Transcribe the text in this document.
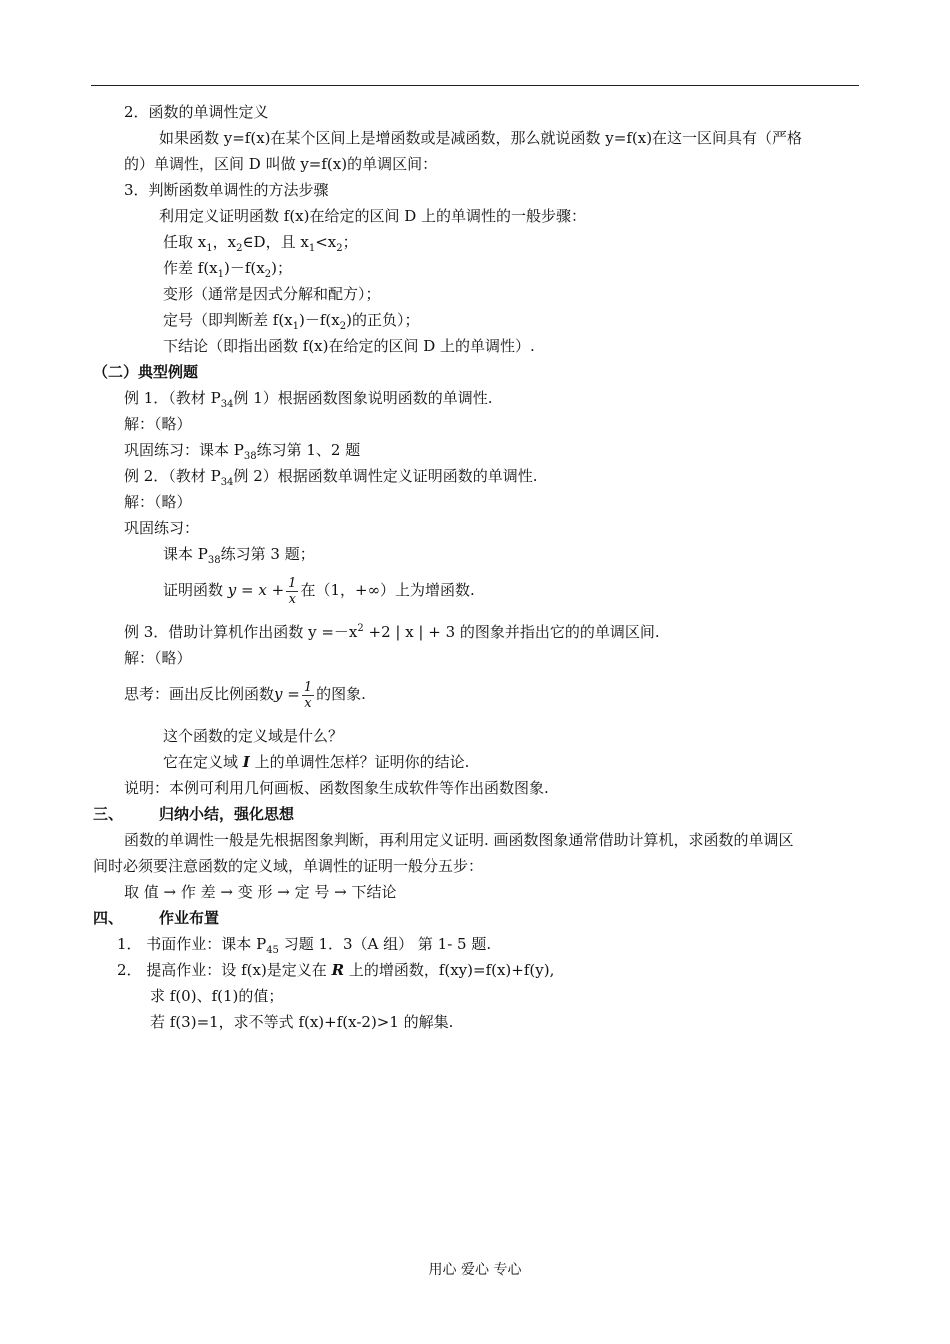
2．函数的单调性定义
如果函数 y=f(x)在某个区间上是增函数或是减函数，那么就说函数 y=f(x)在这一区间具有（严格
的）单调性，区间 D 叫做 y=f(x)的单调区间：
3．判断函数单调性的方法步骤
利用定义证明函数 f(x)在给定的区间 D 上的单调性的一般步骤：
任取 $x_1$，$x_2\in D$，且 $x_1<x_2$；
作差 $f(x_1)-f(x_2)$；
变形（通常是因式分解和配方）；
定号（即判断差 $f(x_1)-f(x_2)$的正负）；
下结论（即指出函数 f(x)在给定的区间 D 上的单调性）.
（二）典型例题
例 1．（教材 $P_{34}$例 1）根据函数图象说明函数的单调性.
解：（略）
巩固练习：课本 $P_{38}$练习第 1、2 题
例 2．（教材 $P_{34}$例 2）根据函数单调性定义证明函数的单调性.
解：（略）
巩固练习：
课本 $P_{38}$练习第 3 题；
证明函数 $y = x + \frac{1}{x}$ 在（1，+∞）上为增函数.
例 3．借助计算机作出函数 $y =-x^2 +2$ | x | + 3 的图象并指出它的的单调区间.
解：（略）
思考：画出反比例函数$y = \frac{1}{x}$ 的图象.
这个函数的定义域是什么？
它在定义域 I 上的单调性怎样？证明你的结论.
说明：本例可利用几何画板、函数图象生成软件等作出函数图象.
三、 归纳小结，强化思想
函数的单调性一般是先根据图象判断，再利用定义证明. 画函数图象通常借助计算机，求函数的单调区
间时必须要注意函数的定义域，单调性的证明一般分五步：
取 值 → 作 差 → 变 形 → 定 号 → 下结论
四、 作业布置
1． 书面作业：课本 $P_{45}$ 习题 1．3（A 组） 第 1- 5 题.
2． 提高作业：设 f(x)是定义在 R 上的增函数，f(xy)=f(x)+f(y),
求 f(0)、f(1)的值；
若 f(3)=1，求不等式 f(x)+f(x-2)>1 的解集.
用心 爱心 专心
